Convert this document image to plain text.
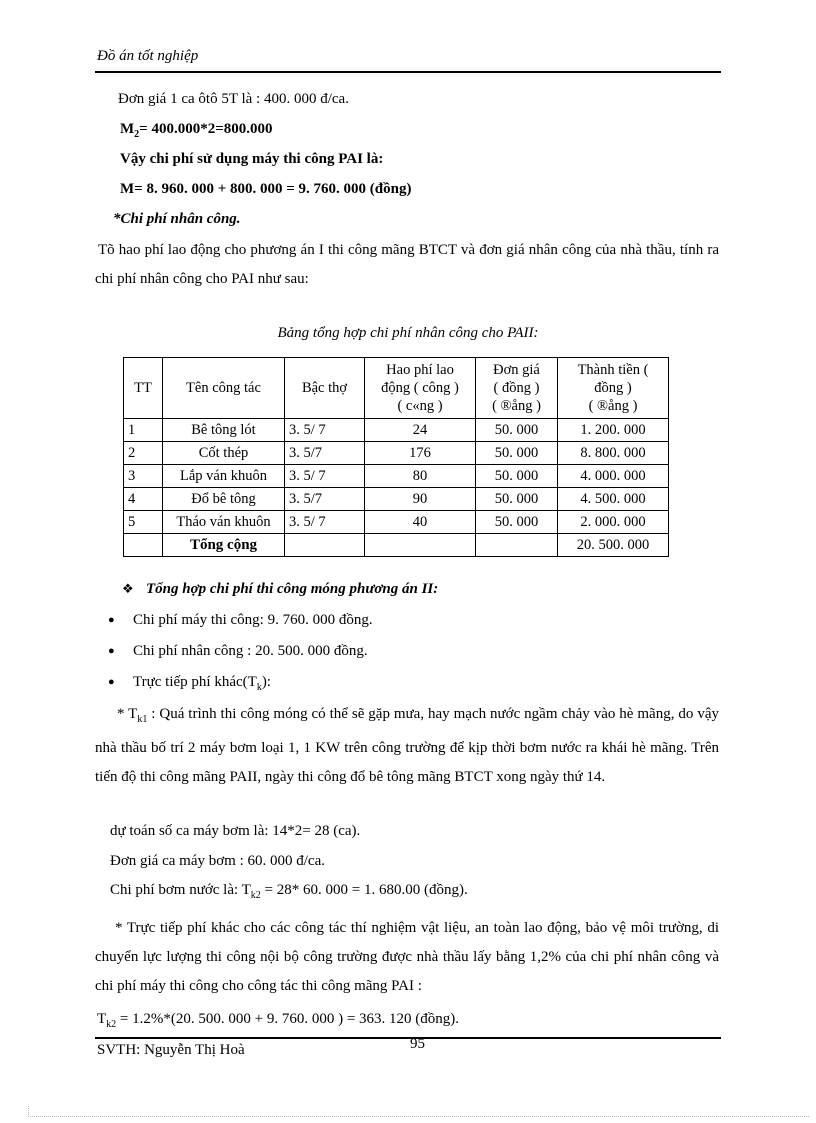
Đồ án tốt nghiệp
Đơn giá 1 ca ôtô 5T là : 400. 000 đ/ca.
$M_2= 400.000*2=800.000$
Vậy chi phí sử dụng máy thi công PAI là:
M= 8. 960. 000 + 800. 000 = 9. 760. 000 (đồng)
*Chi phí nhân công.
Tõ hao phí lao động cho phương án I thi công mãng BTCT và đơn giá nhân công của nhà thầu, tính ra chi phí nhân công cho PAI như sau:
Bảng tổng hợp chi phí nhân công cho PAII:
TT	Tên công tác	Bậc thợ	Hao phí lao
động ( công )
( c«ng )	Đơn giá
( đồng )
( ®ång )	Thành tiền (
đồng )
( ®ång )
1	Bê tông lót	3. 5/ 7	24	50. 000	1. 200. 000
2	Cốt thép	3. 5/7	176	50. 000	8. 800. 000
3	Lắp ván khuôn	3. 5/ 7	80	50. 000	4. 000. 000
4	Đổ bê tông	3. 5/7	90	50. 000	4. 500. 000
5	Tháo ván khuôn	3. 5/ 7	40	50. 000	2. 000. 000
	Tổng cộng				20. 500. 000
❖ Tổng hợp chi phí thi công móng phương án II:
● Chi phí máy thi công: 9. 760. 000 đồng.
● Chi phí nhân công : 20. 500. 000 đồng.
● Trực tiếp phí $khác(T_k)$:
* $T_{k1}$ : Quá trình thi công móng có thể sẽ gặp mưa, hay mạch nước ngầm chảy vào hè mãng, do vậy nhà thầu bố trí 2 máy bơm loại 1, 1 KW trên công trường để kịp thời bơm nước ra khái hè mãng. Trên tiến độ thi công mãng PAII, ngày thi công đổ bê tông mãng BTCT xong ngày thứ 14.
dự toán số ca máy bơm là: 14*2= 28 (ca).
Đơn giá ca máy bơm : 60. 000 đ/ca.
Chi phí bơm nước là: $T_{k2} = 28*$ 60. 000 = 1. 680.00 (đồng).
* Trực tiếp phí khác cho các công tác thí nghiệm vật liệu, an toàn lao động, bảo vệ môi trường, di chuyển lực lượng thi công nội bộ công trường được nhà thầu lấy bằng 1,2% của chi phí nhân công và chi phí máy thi công cho công tác thi công mãng PAI :
$T_{k2} = 1.2\%*(20$. 500. 000 + 9. 760. 000 ) = 363. 120 (đồng).
SVTH: Nguyễn Thị Hoà	95
